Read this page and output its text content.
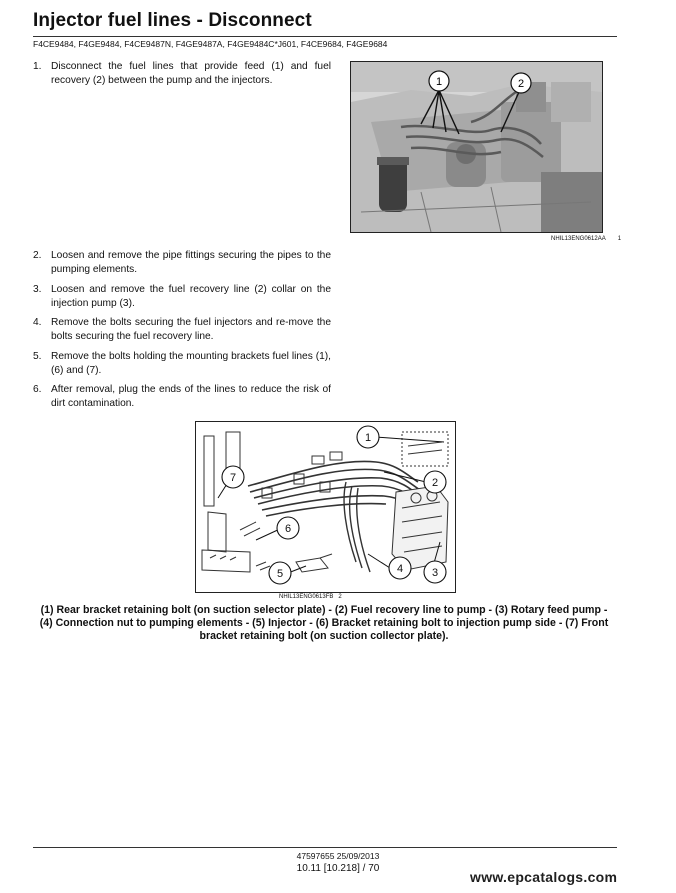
Injector fuel lines - Disconnect
F4CE9484, F4GE9484, F4CE9487N, F4GE9487A, F4GE9484C*J601, F4CE9684, F4GE9684
1. Disconnect the fuel lines that provide feed (1) and fuel recovery (2) between the pump and the injectors.
2. Loosen and remove the pipe fittings securing the pipes to the pumping elements.
3. Loosen and remove the fuel recovery line (2) collar on the injection pump (3).
4. Remove the bolts securing the fuel injectors and re-move the bolts securing the fuel recovery line.
5. Remove the bolts holding the mounting brackets fuel lines (1), (6) and (7).
6. After removal, plug the ends of the lines to reduce the risk of dirt contamination.
1	2
NHIL13ENG0612AA 1
1
2
3
4
5
6
7
NHIL13ENG0613FB 2
(1) Rear bracket retaining bolt (on suction selector plate) - (2) Fuel recovery line to pump - (3) Rotary feed pump - (4) Connection nut to pumping elements - (5) Injector - (6) Bracket retaining bolt to injection pump side - (7) Front bracket retaining bolt (on suction collector plate).
47597655 25/09/2013
10.11 [10.218] / 70
www.epcatalogs.com
